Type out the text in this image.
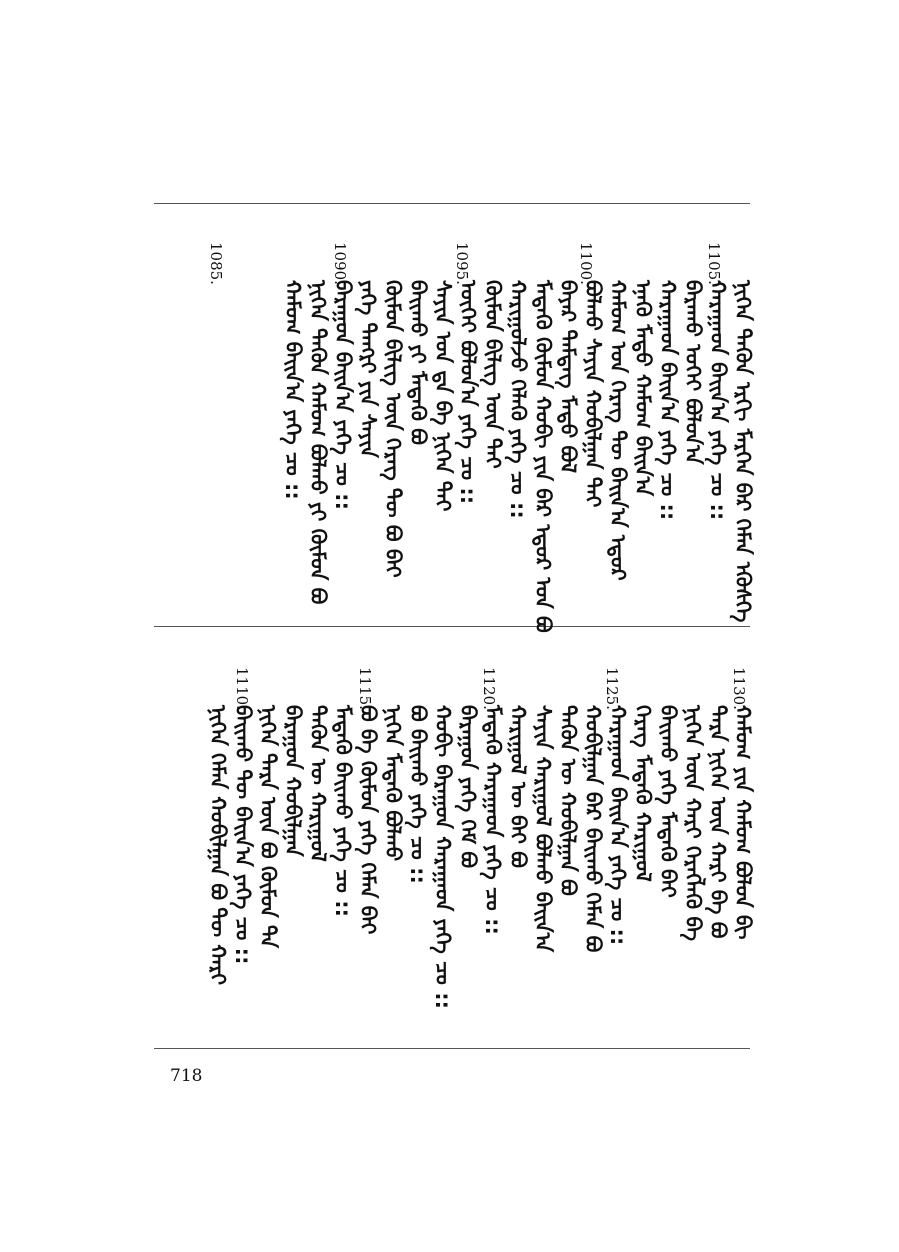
1105.
1100.
1095.
1090.
1085.
ᠨᠢᠭᠡᠨ ᠲᠡᠭᠦᠨ ᠡᠷᠬᠢ ᠮᠡᠷᠭᠡᠨ ᠪᠡᠷ ᠬᠡᠮᠡᠨ ᠡᠭᠦᠰᠭᠡ
ᠬᠠᠷᠠᠭᠠᠳ ᠪᠠᠢᠨ᠎ᠠ ᠶᠡᠬᠡ ᠴᠤ ::
ᠪᠠᠷᠠᠬᠤ ᠤᠭᠡᠢ ᠪᠣᠯᠤᠨ᠎ᠠ
ᠬᠠᠷᠠᠭᠠᠳ ᠪᠠᠢᠨ᠎ᠠ ᠶᠡᠬᠡ ᠴᠤ ::
ᠡᠨᠡᠬᠦ ᠮᠡᠲᠦ ᠬᠠᠮᠤᠭ ᠪᠠᠢᠨ᠎ᠠ
ᠬᠠᠮᠤᠭ ᠤᠨ ᠬᠡᠷᠡᠭ ᠲᠦ ᠪᠠᠢᠨ᠎ᠠ ᠡᠳᠦᠷ
ᠪᠣᠯᠬᠤ ᠰᠠᠶᠢᠨ ᠬᠤᠪᠢᠯᠭᠠᠨ ᠲᠠᠢ
ᠪᠠᠶᠠᠷ ᠲᠡᠮᠳᠡᠭ ᠮᠡᠲᠦ ᠪᠣᠯ
ᠮᠡᠳᠡᠬᠦ ᠬᠦᠮᠦᠨ ᠬᠤᠪᠢ ᠶᠢᠨ ᠪᠡᠷ ᠡᠳᠦᠷ ᠤᠨ ᠪᠣ
ᠬᠠᠷᠢᠭᠤᠯᠵᠤ ᠬᠡᠯᠡᠬᠦ ᠶᠡᠬᠡ ᠴᠤ ::
ᠬᠦᠮᠦᠨ ᠪᠢᠯᠢᠭ ᠦᠨ ᠲᠠᠢ
ᠦᠬᠡᠢ ᠪᠣᠯᠤᠨ᠎ᠠ ᠶᠡᠬᠡ ᠴᠤ ::
ᠰᠠᠶᠢᠨ ᠤᠨ ᠳᠡ ᠪᠠ ᠨᠢᠭᠡᠨ ᠲᠠᠢ
ᠪᠠᠢᠬᠤ ᠶᠢ ᠮᠡᠳᠡᠬᠦ ᠪᠣ
ᠬᠦᠮᠦᠨ ᠪᠢᠯᠢᠭ ᠦᠨ ᠬᠡᠷᠡᠭ ᠲᠦ ᠪᠣ ᠪᠠᠢ
ᠶᠡᠬᠡ ᠲᠡᠨᠭᠷᠢ ᠶᠢᠨ ᠰᠠᠶᠢᠨ
ᠪᠠᠷᠠᠭᠤᠨ ᠪᠠᠢᠨ᠎ᠠ ᠶᠡᠬᠡ ᠴᠤ ::
ᠨᠢᠭᠡᠨ ᠲᠡᠭᠦᠨ ᠬᠠᠮᠤᠭ ᠪᠣᠯᠬᠤ ᠶᠢ ᠬᠦᠮᠦᠨ ᠪᠣ
ᠬᠠᠮᠤᠭ ᠪᠠᠢᠨ᠎ᠠ ᠶᠡᠬᠡ ᠴᠤ ::
1130.
1125.
1120.
1115.
1110.
ᠬᠠᠮᠤᠭ ᠶᠢᠨ ᠬᠠᠮᠤᠭ ᠪᠣᠯᠤᠨ ᠪᠢ
ᠲᠡᠷᠡ ᠨᠢᠭᠡᠨ ᠦᠨ ᠬᠠᠷᠢ ᠪᠠ ᠪᠣ
ᠨᠢᠭᠡᠨ ᠦᠨ ᠬᠠᠷᠢ ᠬᠡᠷᠡᠭᠯᠡᠬᠦ ᠪᠠ
ᠪᠠᠢᠬᠤ ᠶᠡᠬᠡ ᠮᠡᠳᠡᠬᠦ ᠪᠠᠢ
ᠬᠡᠷᠡᠭ ᠮᠡᠳᠡᠬᠦ ᠬᠠᠷᠢᠭᠤᠯ
ᠬᠠᠷᠠᠭᠠᠳ ᠪᠠᠢᠨ᠎ᠠ ᠶᠡᠬᠡ ᠴᠤ ::
ᠬᠤᠪᠢᠯᠭᠠᠨ ᠪᠡᠷ ᠪᠠᠢᠬᠤ ᠬᠡᠮᠡᠨ ᠪᠣ
ᠲᠡᠭᠦᠨ ᠦ ᠬᠤᠪᠢᠯᠭᠠᠨ ᠪᠣ
ᠰᠠᠶᠢᠨ ᠬᠠᠷᠢᠭᠤᠯ ᠪᠣᠯᠬᠤ ᠪᠠᠢᠨ᠎ᠠ
ᠬᠠᠷᠢᠭᠤᠯ ᠦ ᠪᠠᠢ ᠪᠣ
ᠮᠡᠳᠡᠬᠦ ᠬᠠᠷᠠᠭᠠᠳ ᠶᠡᠬᠡ ᠴᠤ ::
ᠪᠠᠷᠠᠭᠤᠨ ᠶᠡᠬᠡ ᠬᠡᠮ ᠪᠣ
ᠬᠤᠪᠢ ᠪᠠᠷᠠᠭᠤᠨ ᠬᠠᠷᠠᠭᠠᠳ ᠶᠡᠬᠡ ᠴᠤ ::
ᠪᠣ ᠪᠠᠢᠬᠤ ᠶᠡᠬᠡ ᠴᠤ ::
ᠨᠢᠭᠡᠨ ᠮᠡᠳᠡᠬᠦ ᠪᠣᠯᠬᠤ
ᠪᠣ ᠪᠠ ᠬᠦᠮᠦᠨ ᠶᠡᠬᠡ ᠬᠡᠮᠡᠨ ᠪᠠᠢ
ᠮᠡᠳᠡᠬᠦ ᠪᠠᠢᠬᠤ ᠶᠡᠬᠡ ᠴᠤ ::
ᠲᠡᠭᠦᠨ ᠦ ᠬᠠᠷᠢᠭᠤᠯ
ᠪᠠᠷᠠᠭᠤᠨ ᠬᠤᠪᠢᠯᠭᠠᠨ
ᠨᠢᠭᠡᠨ ᠲᠡᠷᠡ ᠦᠨ ᠪᠣ ᠬᠦᠮᠦᠨ ᠲᠠ
ᠪᠠᠢᠬᠤ ᠲᠦ ᠪᠠᠢᠨ᠎ᠠ ᠶᠡᠬᠡ ᠴᠤ ::
ᠨᠢᠭᠡᠨ ᠬᠡᠮᠡᠨ ᠬᠤᠪᠢᠯᠭᠠᠨ ᠪᠣ ᠲᠦ ᠬᠠᠷᠢ
718
